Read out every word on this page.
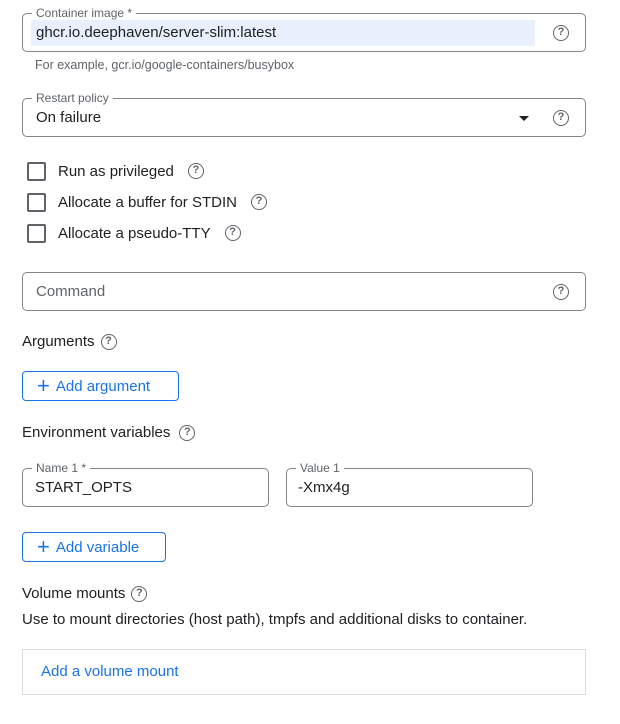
Container image *
ghcr.io.deephaven/server-slim:latest	?
For example, gcr.io/google-containers/busybox
Restart policy
On failure	?
Run as privileged	?
Allocate a buffer for STDIN	?
Allocate a pseudo-TTY	?
Command	?
Arguments ?
+ Add argument
Environment variables	?
Name 1 *
START_OPTS
Value 1
-Xmx4g
+ Add variable
Volume mounts ?
Use to mount directories (host path), tmpfs and additional disks to container.
Add a volume mount
